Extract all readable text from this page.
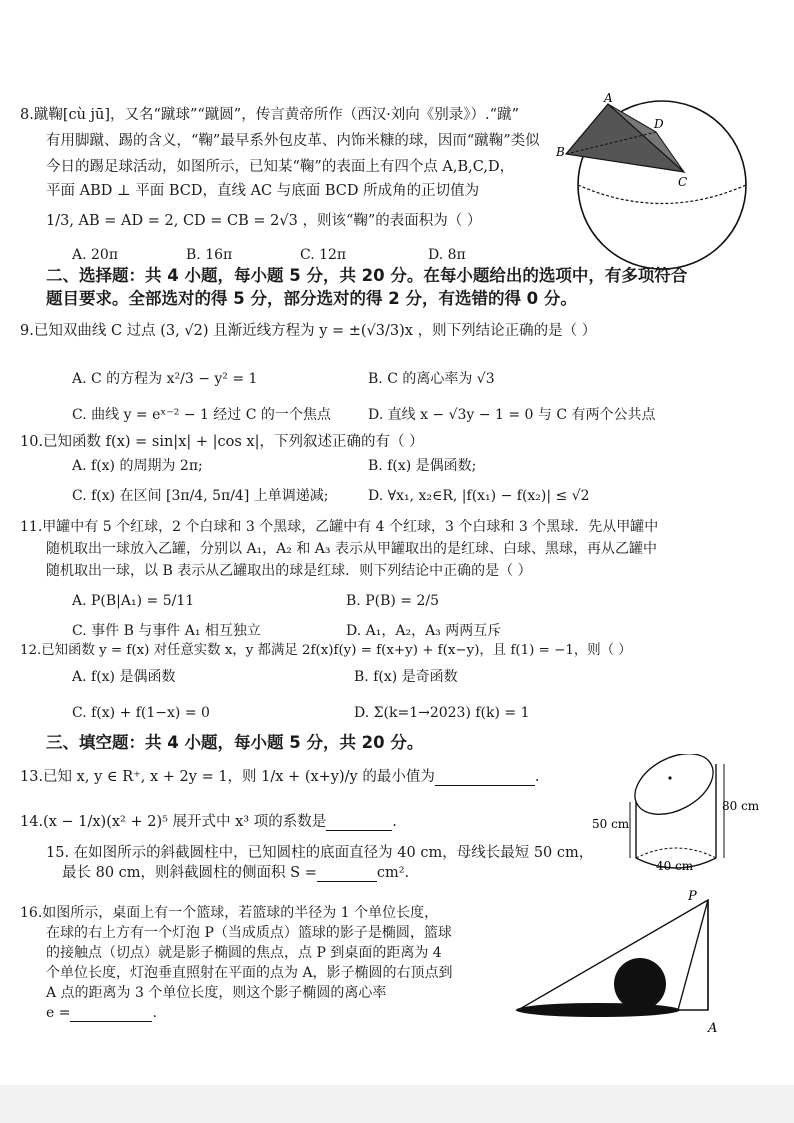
8.蹴鞠[cù jū]，又名“蹴球”“蹴圆”，传言黄帝所作（西汉·刘向《别录》）.“蹴”
有用脚蹴、踢的含义，“鞠”最早系外包皮革、内饰米糠的球，因而“蹴鞠”类似
今日的踢足球活动，如图所示，已知某“鞠”的表面上有四个点 A,B,C,D，
平面 ABD ⊥ 平面 BCD，直线 AC 与底面 BCD 所成角的正切值为
1/3, AB = AD = 2, CD = CB = 2√3 ，则该“鞠”的表面积为（ ）
A. 20π	B. 16π	C. 12π	D. 8π
A
B
C
D
二、选择题：共 4 小题，每小题 5 分，共 20 分。在每小题给出的选项中，有多项符合
题目要求。全部选对的得 5 分，部分选对的得 2 分，有选错的得 0 分。
9.已知双曲线 C 过点 (3, √2) 且渐近线方程为 y = ±(√3/3)x ，则下列结论正确的是（ ）
A. C 的方程为 x²/3 − y² = 1	B. C 的离心率为 √3
C. 曲线 y = eˣ⁻² − 1 经过 C 的一个焦点	D. 直线 x − √3y − 1 = 0 与 C 有两个公共点
10.已知函数 f(x) = sin|x| + |cos x|，下列叙述正确的有（ ）
A. f(x) 的周期为 2π;	B. f(x) 是偶函数;
C. f(x) 在区间 [3π/4, 5π/4] 上单调递减;	D. ∀x₁, x₂∈R, |f(x₁) − f(x₂)| ≤ √2
11.甲罐中有 5 个红球，2 个白球和 3 个黑球，乙罐中有 4 个红球，3 个白球和 3 个黑球．先从甲罐中
随机取出一球放入乙罐，分别以 A₁，A₂ 和 A₃ 表示从甲罐取出的是红球、白球、黑球，再从乙罐中
随机取出一球，以 B 表示从乙罐取出的球是红球．则下列结论中正确的是（ ）
A. P(B|A₁) = 5/11	B. P(B) = 2/5
C. 事件 B 与事件 A₁ 相互独立	D. A₁，A₂，A₃ 两两互斥
12.已知函数 y = f(x) 对任意实数 x，y 都满足 2f(x)f(y) = f(x+y) + f(x−y)，且 f(1) = −1，则（ ）
A. f(x) 是偶函数	B. f(x) 是奇函数
C. f(x) + f(1−x) = 0	D. Σ(k=1→2023) f(k) = 1
三、填空题：共 4 小题，每小题 5 分，共 20 分。
13.已知 x, y ∈ R⁺, x + 2y = 1，则 1/x + (x+y)/y 的最小值为	.
14.(x − 1/x)(x² + 2)⁵ 展开式中 x³ 项的系数是	.
15. 在如图所示的斜截圆柱中，已知圆柱的底面直径为 40 cm，母线长最短 50 cm，
最长 80 cm，则斜截圆柱的侧面积 S =	cm².
50 cm
80 cm
40 cm
16.如图所示，桌面上有一个篮球，若篮球的半径为 1 个单位长度，
在球的右上方有一个灯泡 P（当成质点）篮球的影子是椭圆，篮球
的接触点（切点）就是影子椭圆的焦点，点 P 到桌面的距离为 4
个单位长度，灯泡垂直照射在平面的点为 A，影子椭圆的右顶点到
A 点的距离为 3 个单位长度，则这个影子椭圆的离心率
e =	.
P
A
